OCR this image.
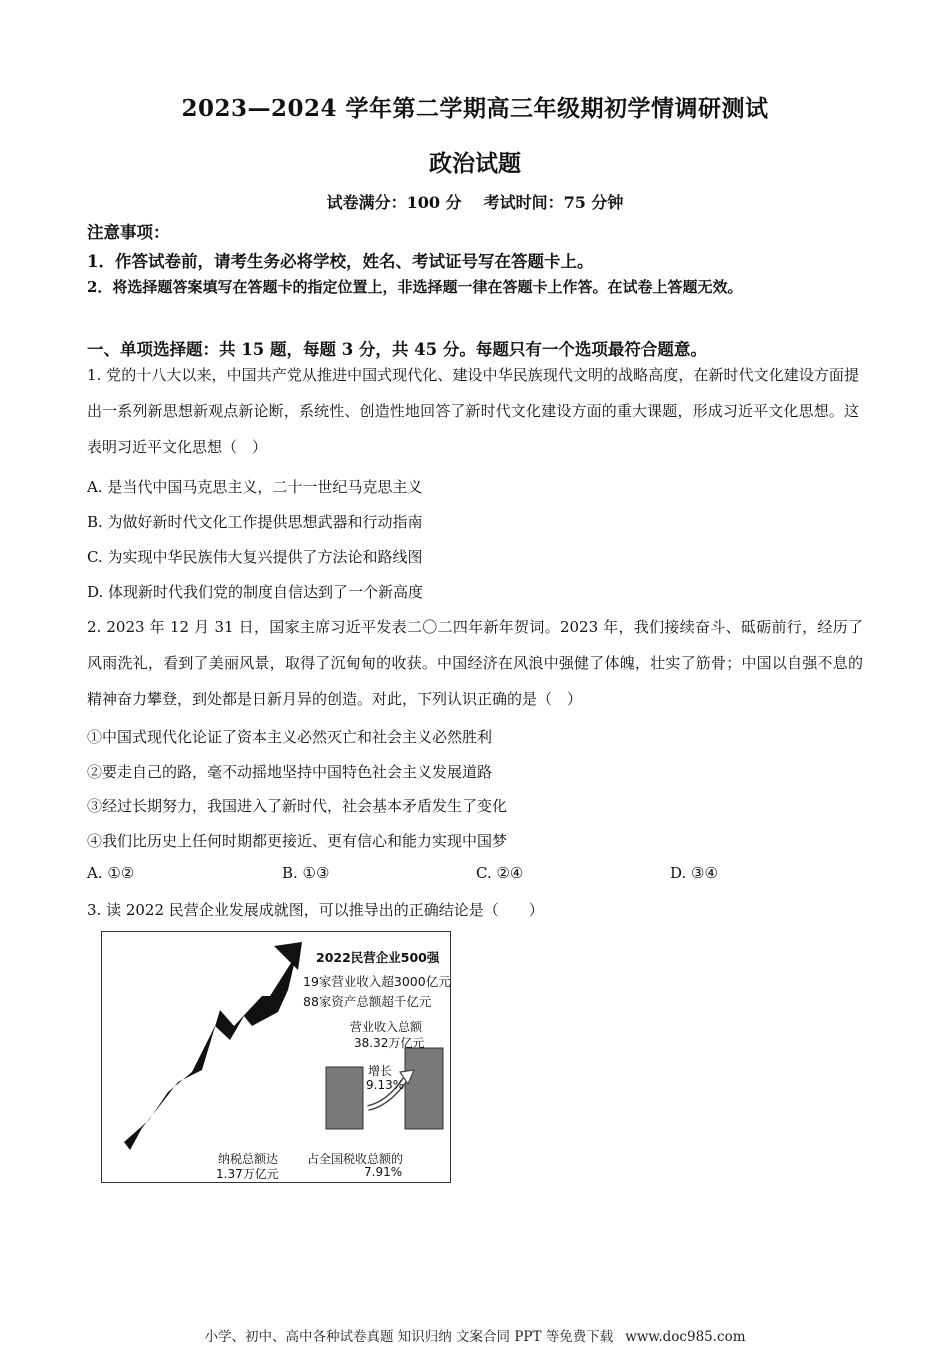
2023—2024 学年第二学期高三年级期初学情调研测试
政治试题
试卷满分：100 分 考试时间：75 分钟
注意事项：
1．作答试卷前，请考生务必将学校，姓名、考试证号写在答题卡上。
2．将选择题答案填写在答题卡的指定位置上，非选择题一律在答题卡上作答。在试卷上答题无效。
一、单项选择题：共 15 题，每题 3 分，共 45 分。每题只有一个选项最符合题意。
1. 党的十八大以来，中国共产党从推进中国式现代化、建设中华民族现代文明的战略高度，在新时代文化建设方面提出一系列新思想新观点新论断，系统性、创造性地回答了新时代文化建设方面的重大课题，形成习近平文化思想。这表明习近平文化思想（　）
A. 是当代中国马克思主义，二十一世纪马克思主义
B. 为做好新时代文化工作提供思想武器和行动指南
C. 为实现中华民族伟大复兴提供了方法论和路线图
D. 体现新时代我们党的制度自信达到了一个新高度
2. 2023 年 12 月 31 日，国家主席习近平发表二〇二四年新年贺词。2023 年，我们接续奋斗、砥砺前行，经历了风雨洗礼，看到了美丽风景，取得了沉甸甸的收获。中国经济在风浪中强健了体魄，壮实了筋骨；中国以自强不息的精神奋力攀登，到处都是日新月异的创造。对此，下列认识正确的是（　）
①中国式现代化论证了资本主义必然灭亡和社会主义必然胜利
②要走自己的路，毫不动摇地坚持中国特色社会主义发展道路
③经过长期努力，我国进入了新时代，社会基本矛盾发生了变化
④我们比历史上任何时期都更接近、更有信心和能力实现中国梦
A. ①②	B. ①③	C. ②④	D. ③④
3. 读 2022 民营企业发展成就图，可以推导出的正确结论是（　　）
2022民营企业500强
19家营业收入超3000亿元
88家资产总额超千亿元
营业收入总额
38.32万亿元
增长
9.13%
纳税总额达
1.37万亿元
占全国税收总额的
7.91%
小学、初中、高中各种试卷真题 知识归纳 文案合同 PPT 等免费下载 www.doc985.com
